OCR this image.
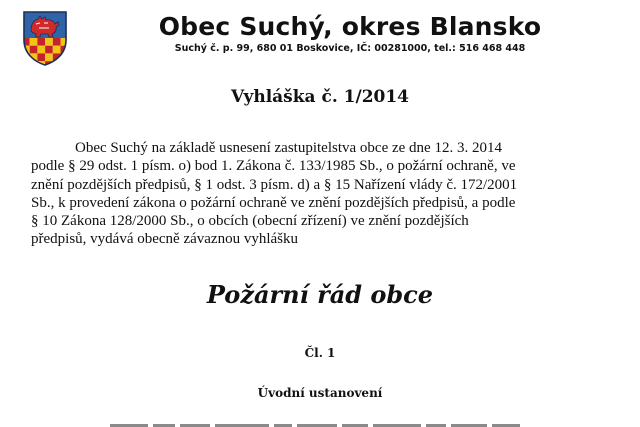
Obec Suchý, okres Blansko
Suchý č. p. 99, 680 01 Boskovice, IČ: 00281000, tel.: 516 468 448
Vyhláška č. 1/2014
Obec Suchý na základě usnesení zastupitelstva obce ze dne 12. 3. 2014
podle § 29 odst. 1 písm. o) bod 1. Zákona č. 133/1985 Sb., o požární ochraně, ve
znění pozdějších předpisů, § 1 odst. 3 písm. d) a § 15 Nařízení vlády č. 172/2001
Sb., k provedení zákona o požární ochraně ve znění pozdějších předpisů, a podle
§ 10 Zákona 128/2000 Sb., o obcích (obecní zřízení) ve znění pozdějších
předpisů, vydává obecně závaznou vyhlášku
Požární řád obce
Čl. 1
Úvodní ustanovení
